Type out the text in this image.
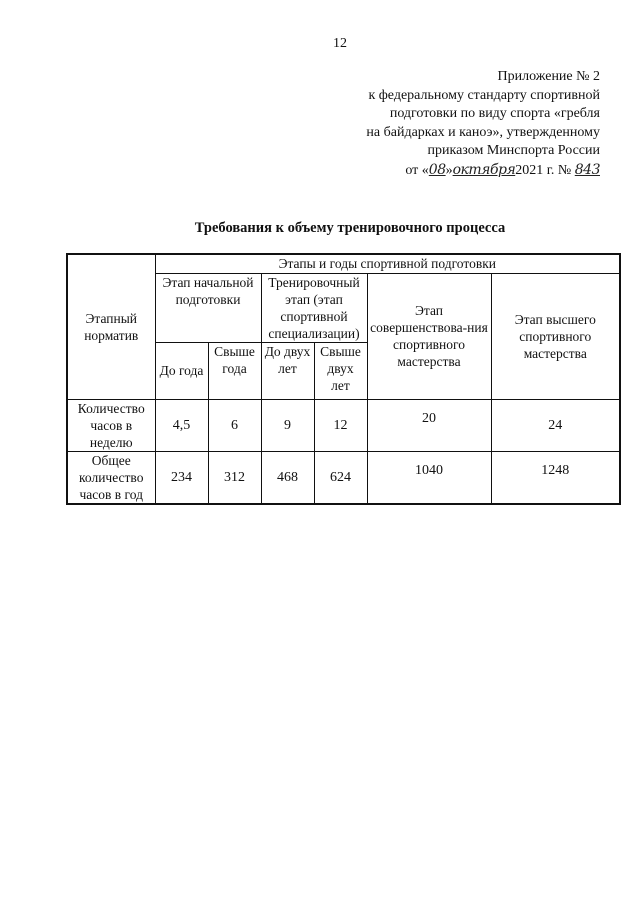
12
Приложение № 2
к федеральному стандарту спортивной
подготовки по виду спорта «гребля
на байдарках и каноэ», утвержденному
приказом Минспорта России
от «08»октября2021 г. № 843
Требования к объему тренировочного процесса
Этапный норматив	Этапы и годы спортивной подготовки					
	Этап начальной подготовки		Тренировочный этап (этап спортивной специализации)		Этап совершенствова-ния спортивного мастерства	Этап высшего спортивного мастерства
	До года	Свыше года	До двух лет	Свыше двух лет		
Количество часов в неделю	4,5	6	9	12	20	24
Общее количество часов в год	234	312	468	624	1040	1248
